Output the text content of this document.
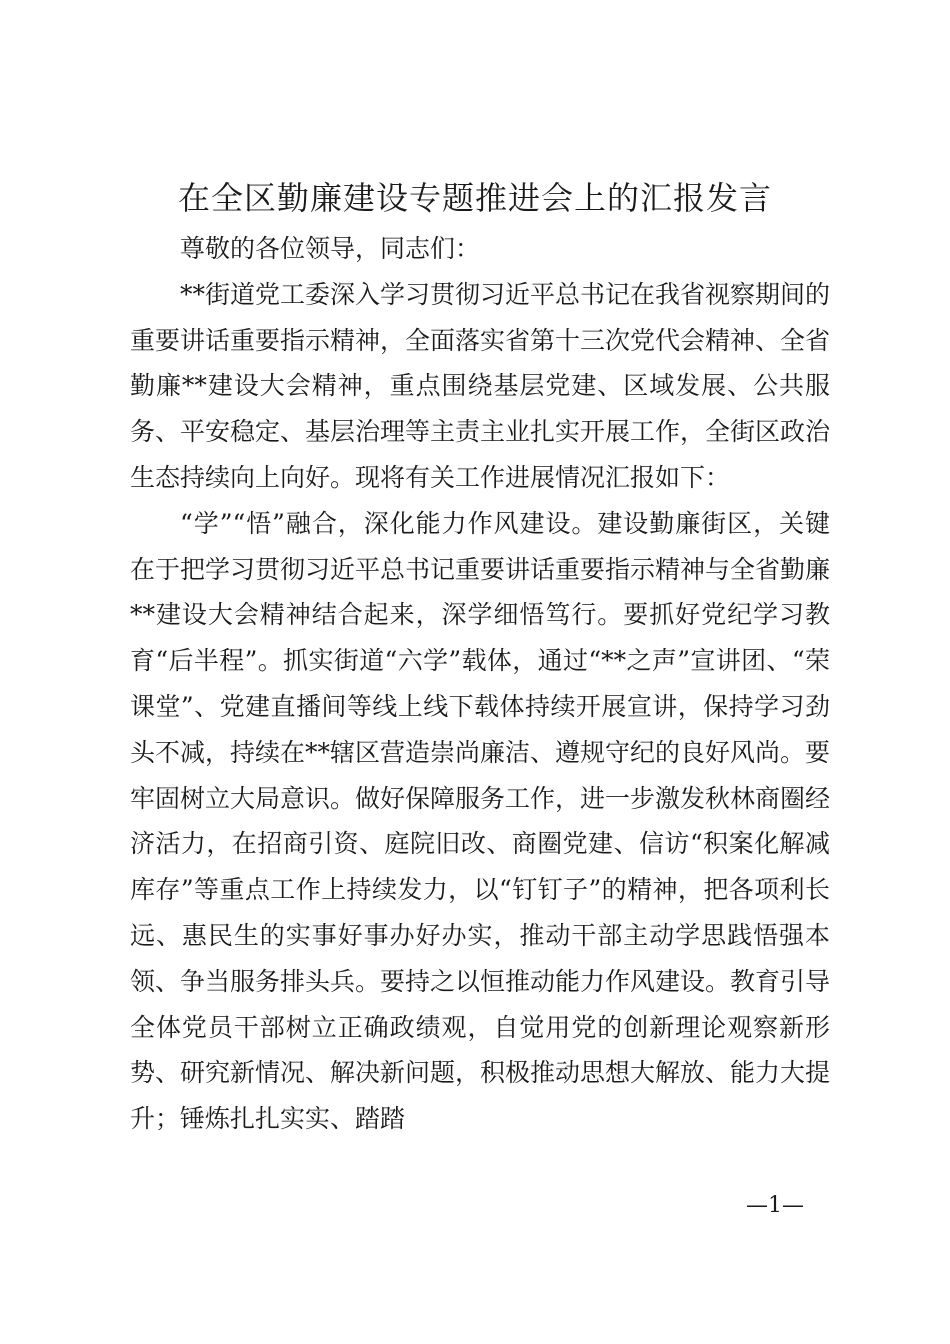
在全区勤廉建设专题推进会上的汇报发言

尊敬的各位领导，同志们：

**街道党工委深入学习贯彻习近平总书记在我省视察期间的重要讲话重要指示精神，全面落实省第十三次党代会精神、全省勤廉**建设大会精神，重点围绕基层党建、区域发展、公共服务、平安稳定、基层治理等主责主业扎实开展工作，全街区政治生态持续向上向好。现将有关工作进展情况汇报如下：

“学”“悟”融合，深化能力作风建设。建设勤廉街区，关键在于把学习贯彻习近平总书记重要讲话重要指示精神与全省勤廉**建设大会精神结合起来，深学细悟笃行。要抓好党纪学习教育“后半程”。抓实街道“六学”载体，通过“**之声”宣讲团、“荣课堂”、党建直播间等线上线下载体持续开展宣讲，保持学习劲头不减，持续在**辖区营造崇尚廉洁、遵规守纪的良好风尚。要牢固树立大局意识。做好保障服务工作，进一步激发秋林商圈经济活力，在招商引资、庭院旧改、商圈党建、信访“积案化解减库存”等重点工作上持续发力，以“钉钉子”的精神，把各项利长远、惠民生的实事好事办好办实，推动干部主动学思践悟强本领、争当服务排头兵。要持之以恒推动能力作风建设。教育引导全体党员干部树立正确政绩观，自觉用党的创新理论观察新形势、研究新情况、解决新问题，积极推动思想大解放、能力大提升；锤炼扎扎实实、踏踏

—1—
